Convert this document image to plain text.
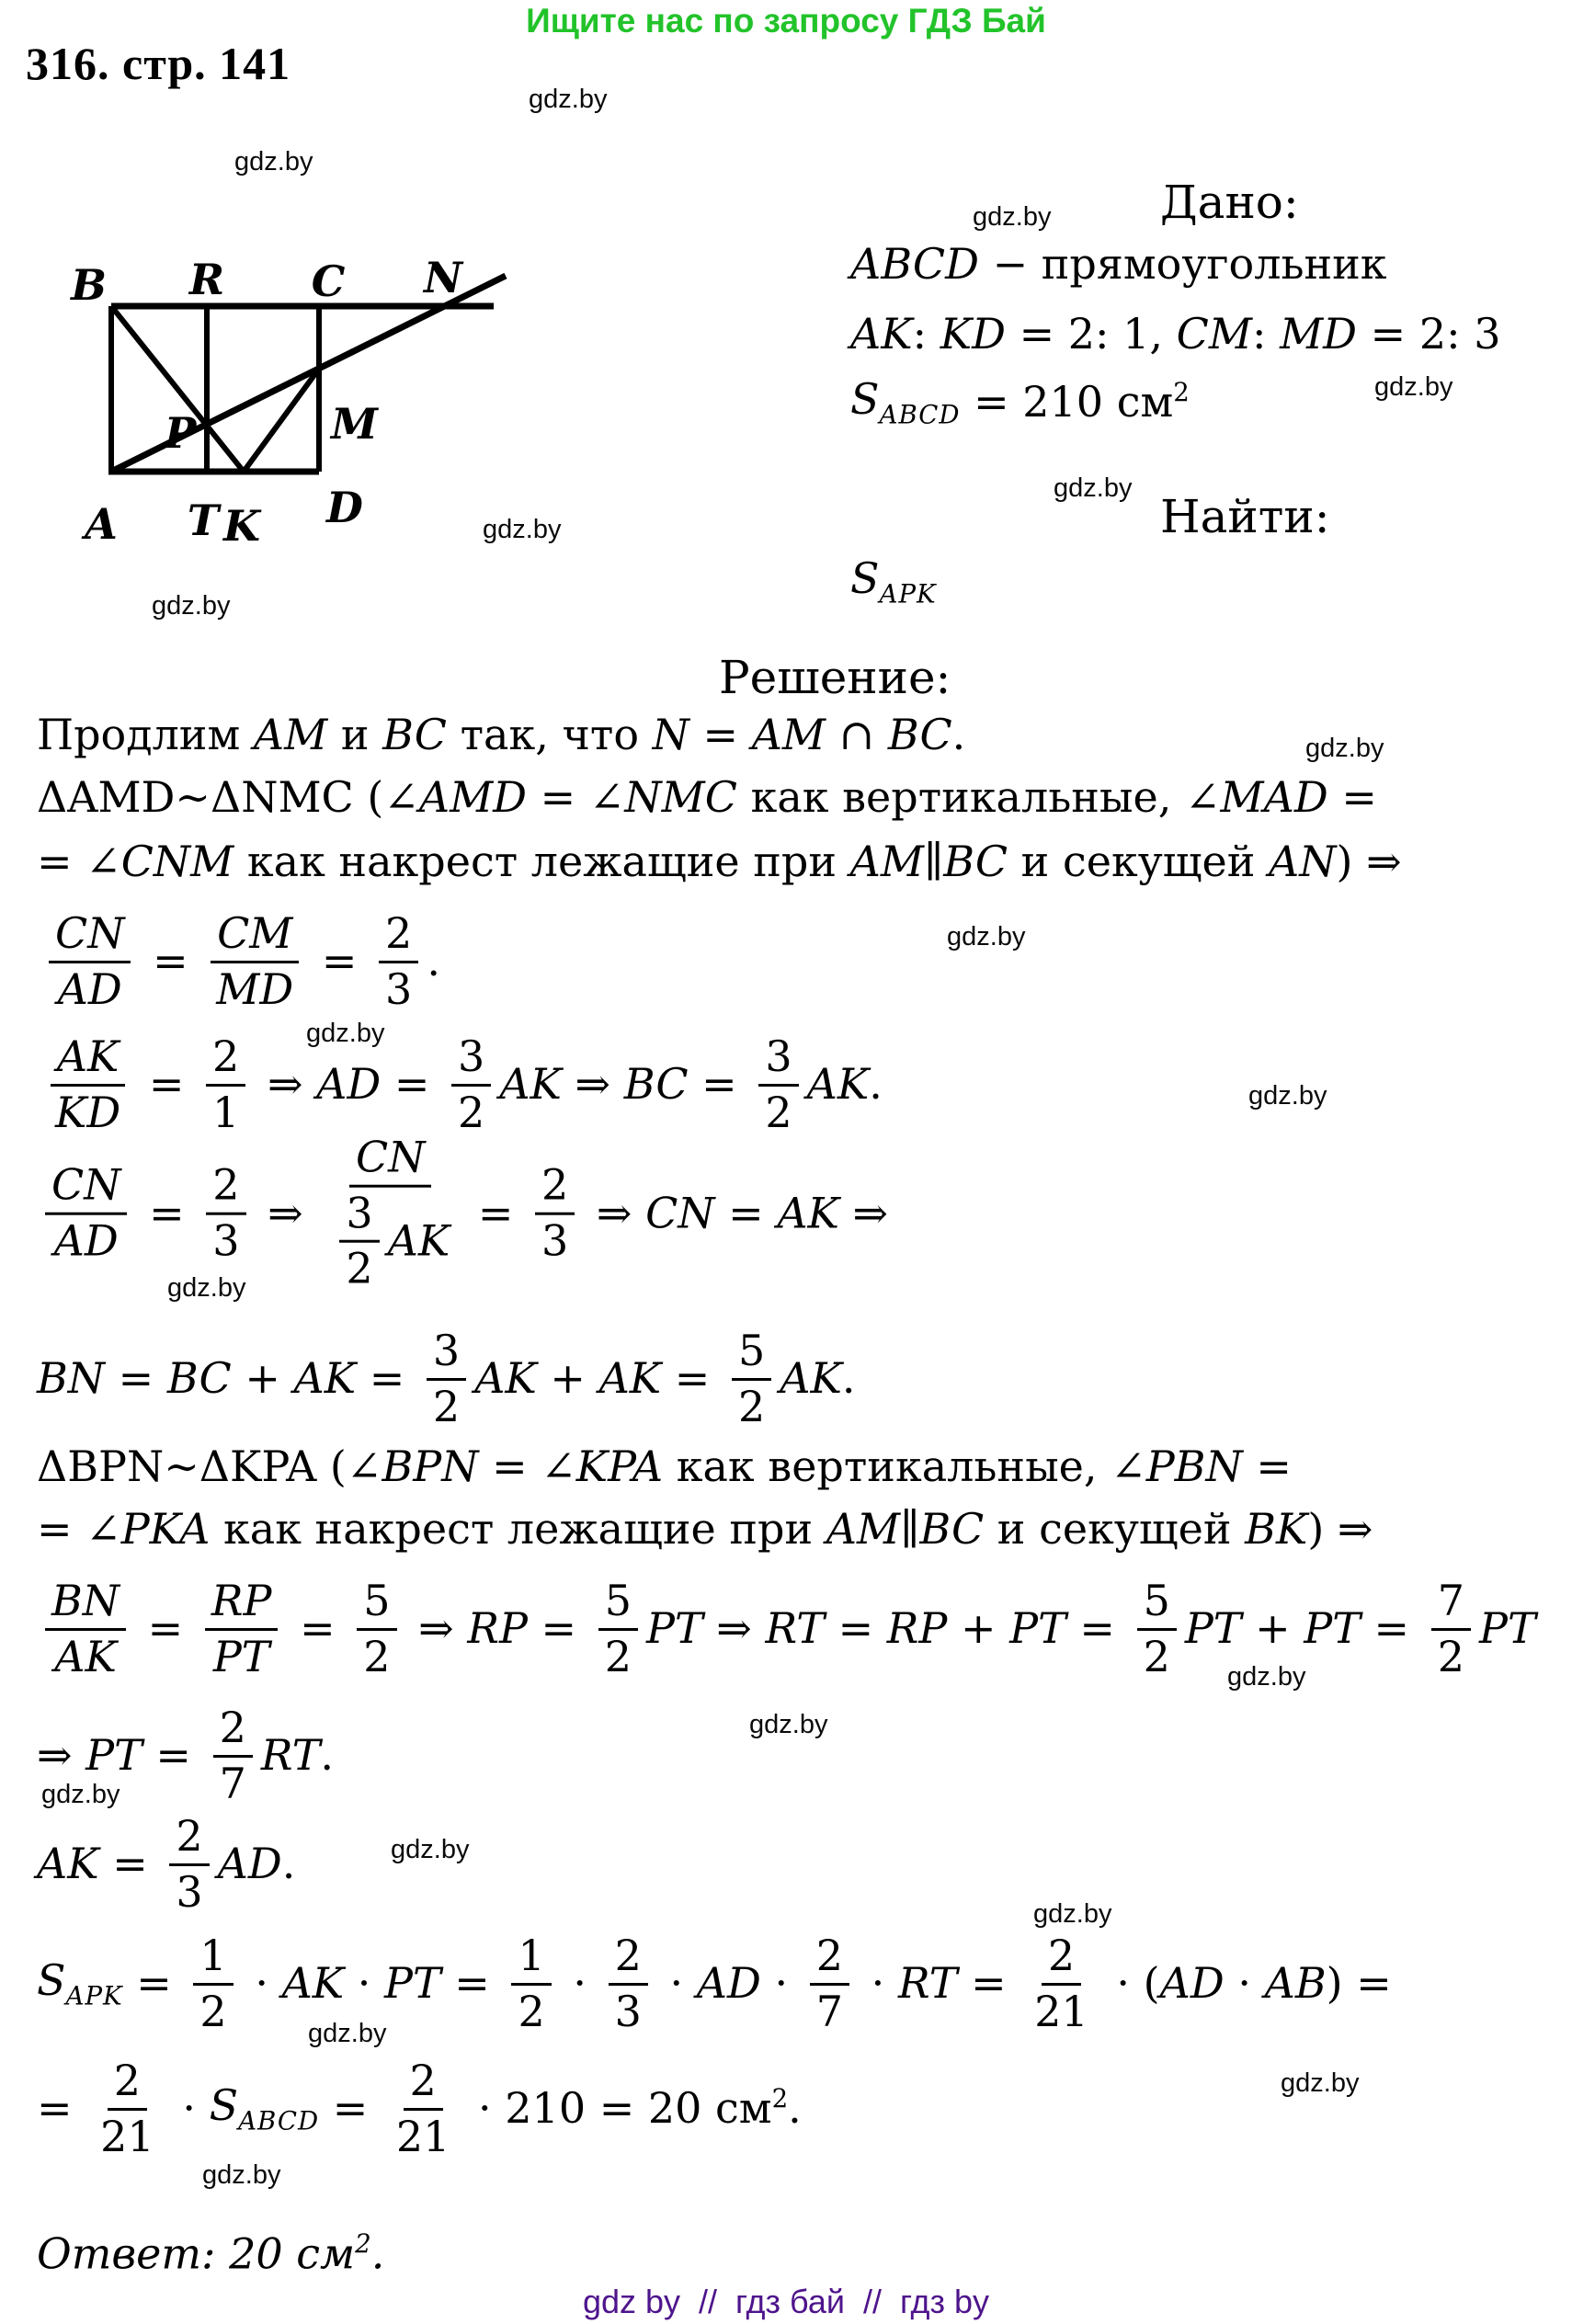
Ищите нас по запросу ГДЗ Бай
316. стр. 141
gdz.by
gdz.by
gdz.by
gdz.by
gdz.by
gdz.by
gdz.by
gdz.by
gdz.by
gdz.by
gdz.by
gdz.by
gdz.by
gdz.by
gdz.by
gdz.by
gdz.by
gdz.by
gdz.by
gdz.by
B R C N
P	M
A T K D
Дано:
ABCD − прямоугольник
AK : KD = 2: 1, CM : MD = 2: 3
$S_{ABCD} = 210$ $см^2$
Найти:
$S_{APK}$
Решение:
Продлим AM и BC так, что N = AM ∩ BC .
ΔAMD ∼ ΔNMC ( ∠ AMD = ∠ NMC как вертикальные, ∠ MAD =
= ∠ CNM как накрест лежащие при AM ∥ BC и секущей AN ) ⇒
$\frac{CN}{AD} = \frac{CM}{MD} = \frac{2}{3}$ .
$\frac{AK}{KD} = \frac{2}{1}$ ⇒ AD = $\frac{3}{2}$ AK ⇒ BC = $\frac{3}{2}$ AK .
$\frac{CN}{AD} = \frac{2}{3}$ ⇒ $\frac{CN}{\frac{3}{2} AK} = \frac{2}{3}$ ⇒ CN = AK ⇒
BN = BC + AK = $\frac{3}{2}$ AK + AK = $\frac{5}{2}$ AK .
ΔBPN ∼ ΔKPA ( ∠ BPN = ∠ KPA как вертикальные, ∠ PBN =
= ∠ PKA как накрест лежащие при AM ∥ BC и секущей BK ) ⇒
$\frac{BN}{AK} = \frac{RP}{PT} = \frac{5}{2}$ ⇒ RP = $\frac{5}{2}$ PT ⇒ RT = RP + PT = $\frac{5}{2}$ PT + PT = $\frac{7}{2}$ PT
⇒ PT = $\frac{2}{7}$ RT .
AK = $\frac{2}{3}$ AD .
$S_{APK} = \frac{1}{2}$ · AK · PT = $\frac{1}{2} \cdot \frac{2}{3}$ · AD · $\frac{2}{7}$ · RT = $\frac{2}{21}$ · ( AD · AB ) =
= $\frac{2}{21} \cdot S_{ABCD} = \frac{2}{21} \cdot 210 = 20$ $см^2$.
Ответ: 20 $см^2$.
gdz by  //  гдз бай  //  гдз by
